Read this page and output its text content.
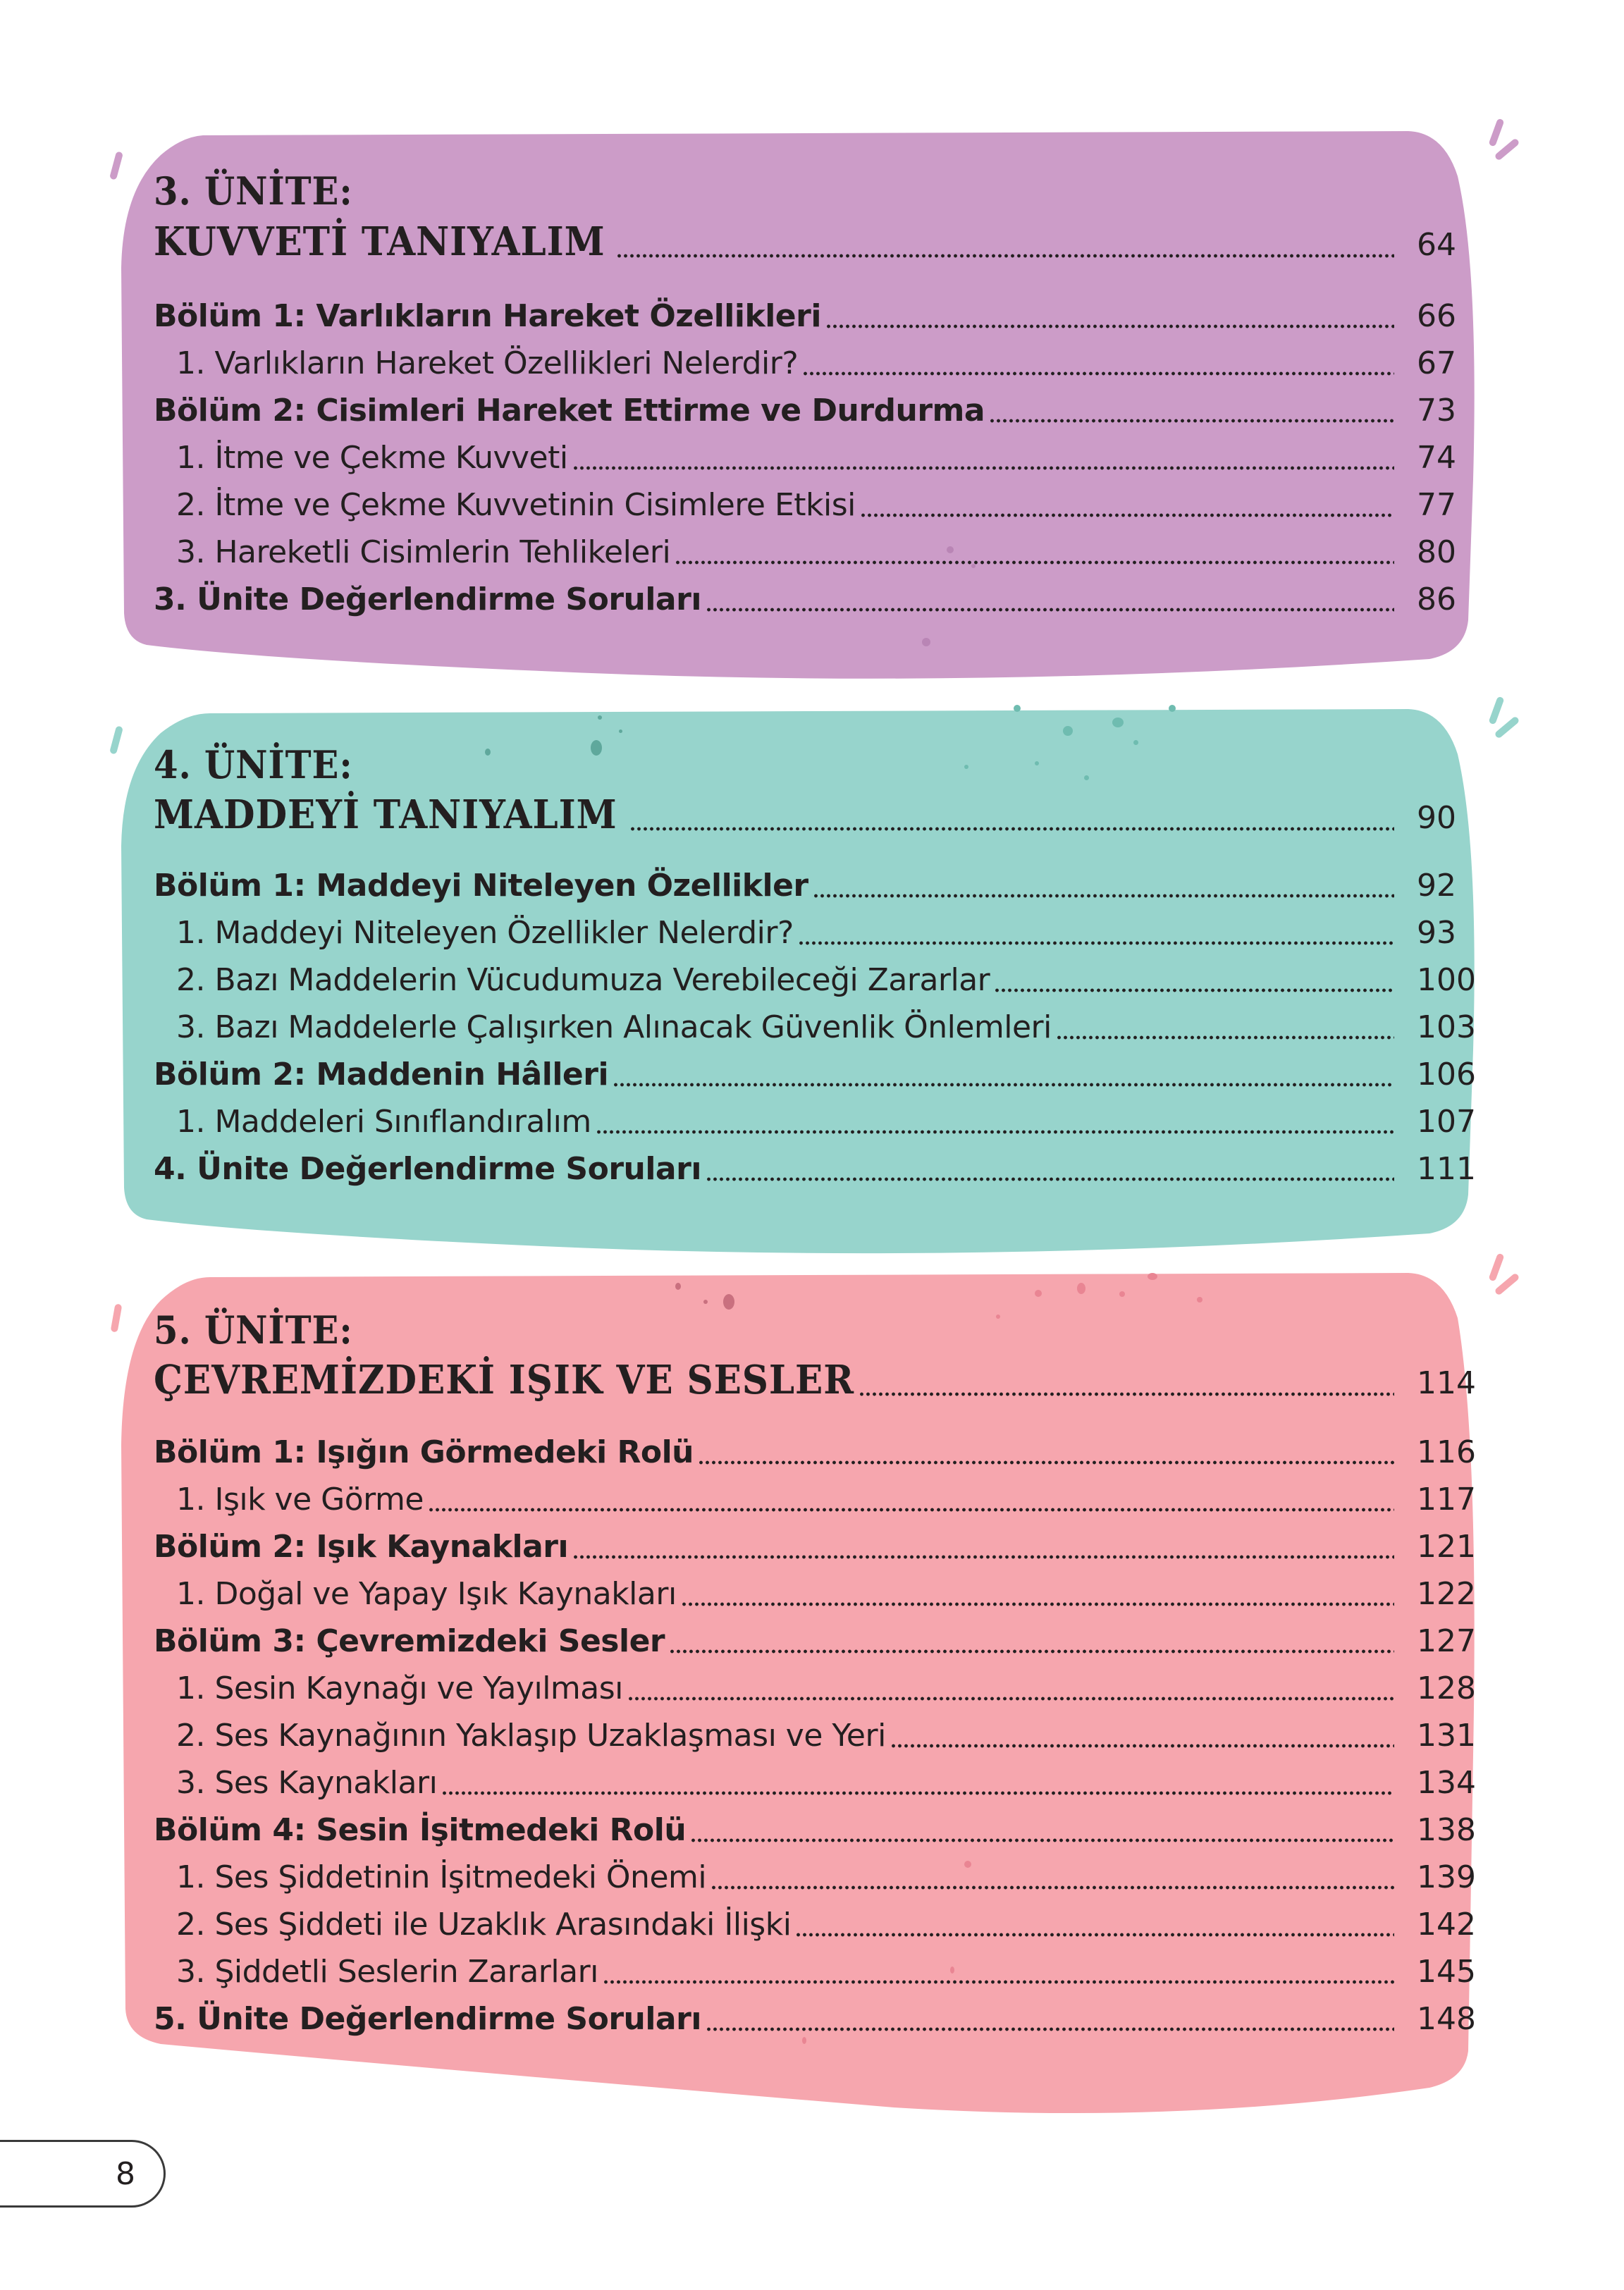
3. ÜNİTE:
KUVVETİ TANIYALIM	64
Bölüm 1: Varlıkların Hareket Özellikleri	66
1. Varlıkların Hareket Özellikleri Nelerdir?	67
Bölüm 2: Cisimleri Hareket Ettirme ve Durdurma	73
1. İtme ve Çekme Kuvveti	74
2. İtme ve Çekme Kuvvetinin Cisimlere Etkisi	77
3. Hareketli Cisimlerin Tehlikeleri	80
3. Ünite Değerlendirme Soruları	86
4. ÜNİTE:
MADDEYİ TANIYALIM	90
Bölüm 1: Maddeyi Niteleyen Özellikler	92
1. Maddeyi Niteleyen Özellikler Nelerdir?	93
2. Bazı Maddelerin Vücudumuza Verebileceği Zararlar	100
3. Bazı Maddelerle Çalışırken Alınacak Güvenlik Önlemleri	103
Bölüm 2: Maddenin Hâlleri	106
1. Maddeleri Sınıflandıralım	107
4. Ünite Değerlendirme Soruları	111
5. ÜNİTE:
ÇEVREMİZDEKİ IŞIK VE SESLER	114
Bölüm 1: Işığın Görmedeki Rolü	116
1. Işık ve Görme	117
Bölüm 2: Işık Kaynakları	121
1. Doğal ve Yapay Işık Kaynakları	122
Bölüm 3: Çevremizdeki Sesler	127
1. Sesin Kaynağı ve Yayılması	128
2. Ses Kaynağının Yaklaşıp Uzaklaşması ve Yeri	131
3. Ses Kaynakları	134
Bölüm 4: Sesin İşitmedeki Rolü	138
1. Ses Şiddetinin İşitmedeki Önemi	139
2. Ses Şiddeti ile Uzaklık Arasındaki İlişki	142
3. Şiddetli Seslerin Zararları	145
5. Ünite Değerlendirme Soruları	148
8
